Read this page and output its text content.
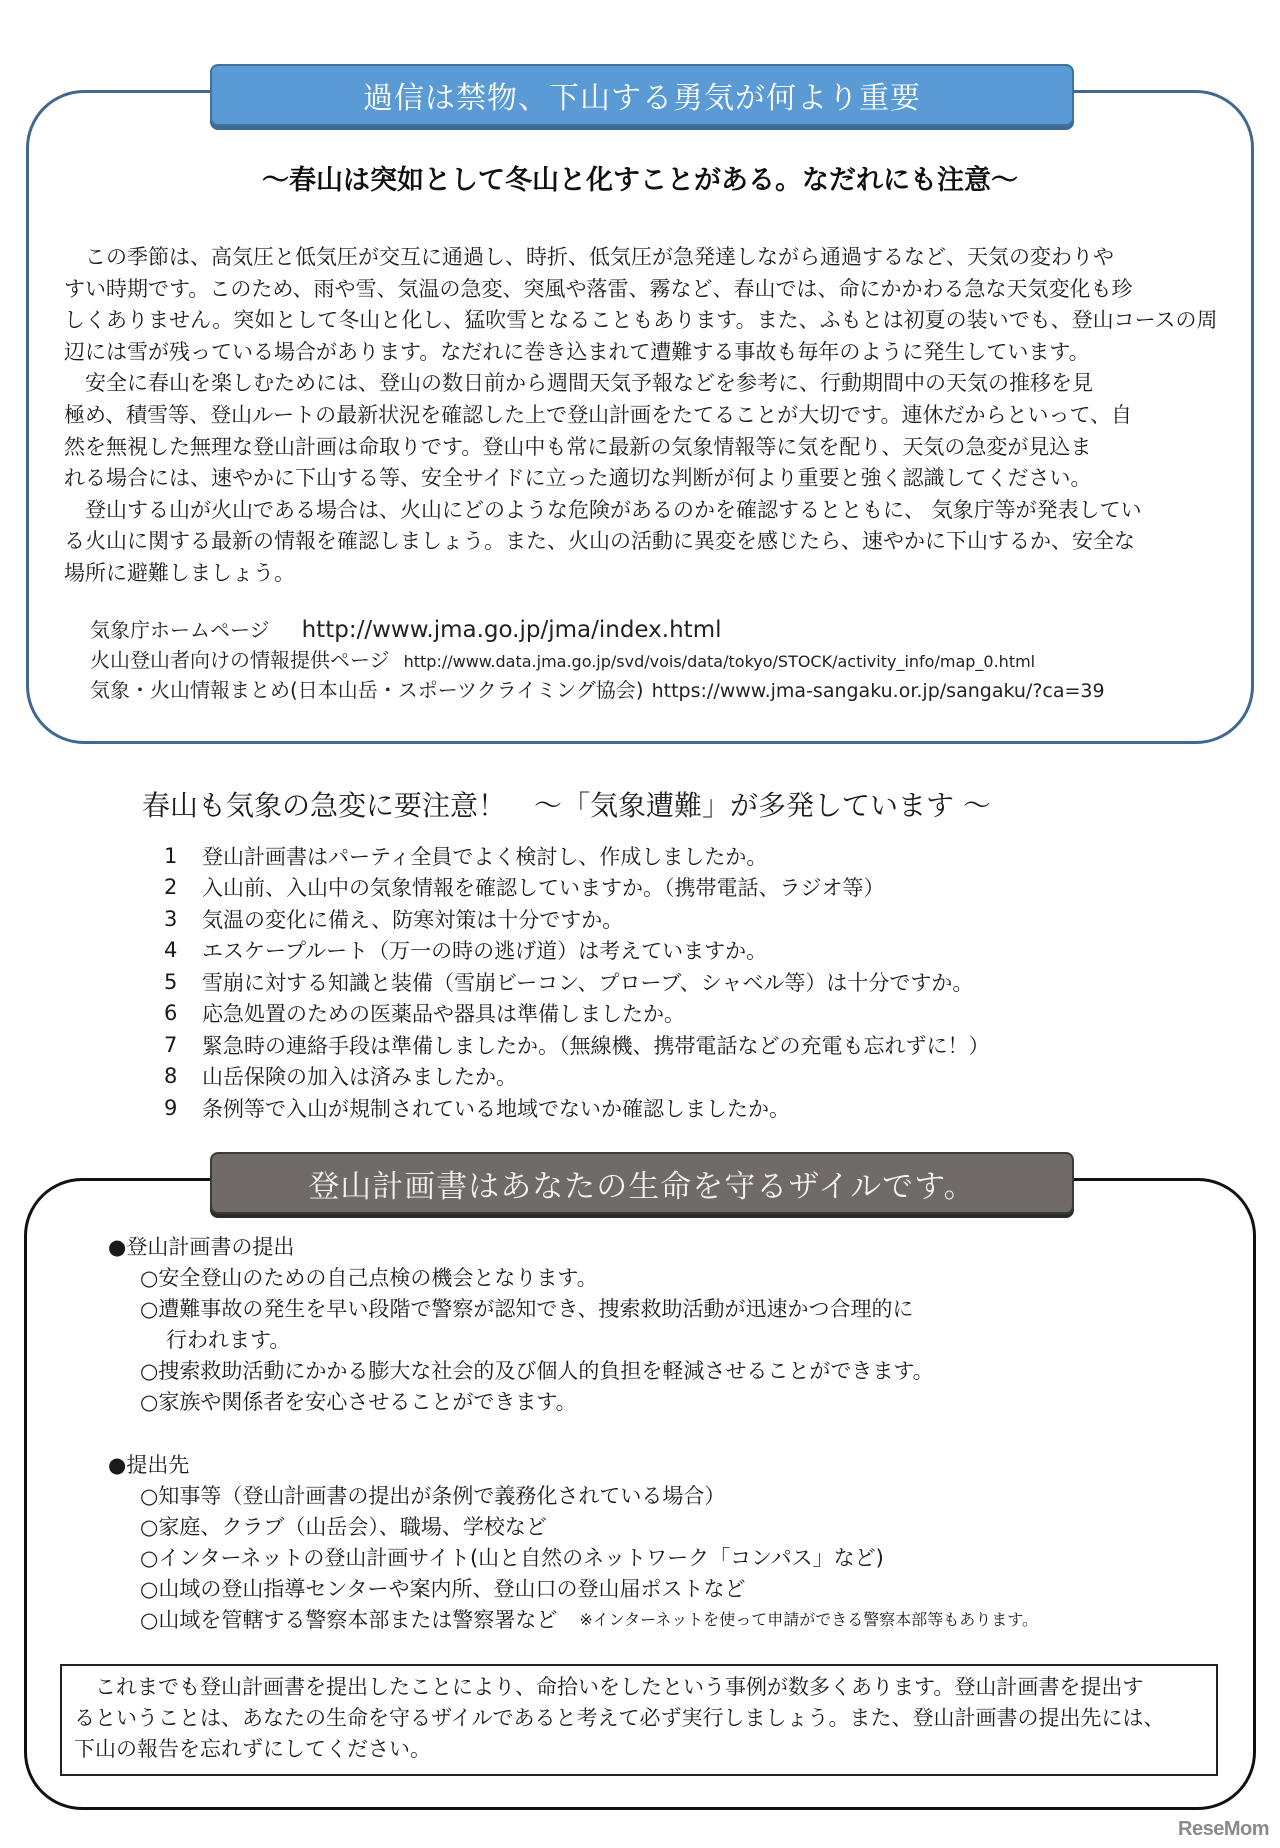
過信は禁物、下山する勇気が何より重要
～春山は突如として冬山と化すことがある。なだれにも注意～
　この季節は、高気圧と低気圧が交互に通過し、時折、低気圧が急発達しながら通過するなど、天気の変わりや
すい時期です。このため、雨や雪、気温の急変、突風や落雷、霧など、春山では、命にかかわる急な天気変化も珍
しくありません。突如として冬山と化し、猛吹雪となることもあります。また、ふもとは初夏の装いでも、登山コースの周
辺には雪が残っている場合があります。なだれに巻き込まれて遭難する事故も毎年のように発生しています。
　安全に春山を楽しむためには、登山の数日前から週間天気予報などを参考に、行動期間中の天気の推移を見
極め、積雪等、登山ルートの最新状況を確認した上で登山計画をたてることが大切です。連休だからといって、自
然を無視した無理な登山計画は命取りです。登山中も常に最新の気象情報等に気を配り、天気の急変が見込ま
れる場合には、速やかに下山する等、安全サイドに立った適切な判断が何より重要と強く認識してください。
　登山する山が火山である場合は、火山にどのような危険があるのかを確認するとともに、 気象庁等が発表してい
る火山に関する最新の情報を確認しましょう。また、火山の活動に異変を感じたら、速やかに下山するか、安全な
場所に避難しましょう。
気象庁ホームページ http://www.jma.go.jp/jma/index.html
火山登山者向けの情報提供ページ http://www.data.jma.go.jp/svd/vois/data/tokyo/STOCK/activity_info/map_0.html
気象・火山情報まとめ(日本山岳・スポーツクライミング協会) https://www.jma-sangaku.or.jp/sangaku/?ca=39
春山も気象の急変に要注意！　～「気象遭難」が多発しています ～
1	登山計画書はパーティ全員でよく検討し、作成しましたか。
2	入山前、入山中の気象情報を確認していますか。（携帯電話、ラジオ等）
3	気温の変化に備え、防寒対策は十分ですか。
4	エスケープルート（万一の時の逃げ道）は考えていますか。
5	雪崩に対する知識と装備（雪崩ビーコン、プローブ、シャベル等）は十分ですか。
6	応急処置のための医薬品や器具は準備しましたか。
7	緊急時の連絡手段は準備しましたか。（無線機、携帯電話などの充電も忘れずに！）
8	山岳保険の加入は済みましたか。
9	条例等で入山が規制されている地域でないか確認しましたか。
登山計画書はあなたの生命を守るザイルです。
●登山計画書の提出
○安全登山のための自己点検の機会となります。
○遭難事故の発生を早い段階で警察が認知でき、捜索救助活動が迅速かつ合理的に
行われます。
○捜索救助活動にかかる膨大な社会的及び個人的負担を軽減させることができます。
○家族や関係者を安心させることができます。
●提出先
○知事等（登山計画書の提出が条例で義務化されている場合）
○家庭、クラブ（山岳会）、職場、学校など
○インターネットの登山計画サイト(山と自然のネットワーク「コンパス」など)
○山域の登山指導センターや案内所、登山口の登山届ポストなど
○山域を管轄する警察本部または警察署など ※インターネットを使って申請ができる警察本部等もあります。
　これまでも登山計画書を提出したことにより、命拾いをしたという事例が数多くあります。登山計画書を提出す
るということは、あなたの生命を守るザイルであると考えて必ず実行しましょう。また、登山計画書の提出先には、
下山の報告を忘れずにしてください。
ReseMom
